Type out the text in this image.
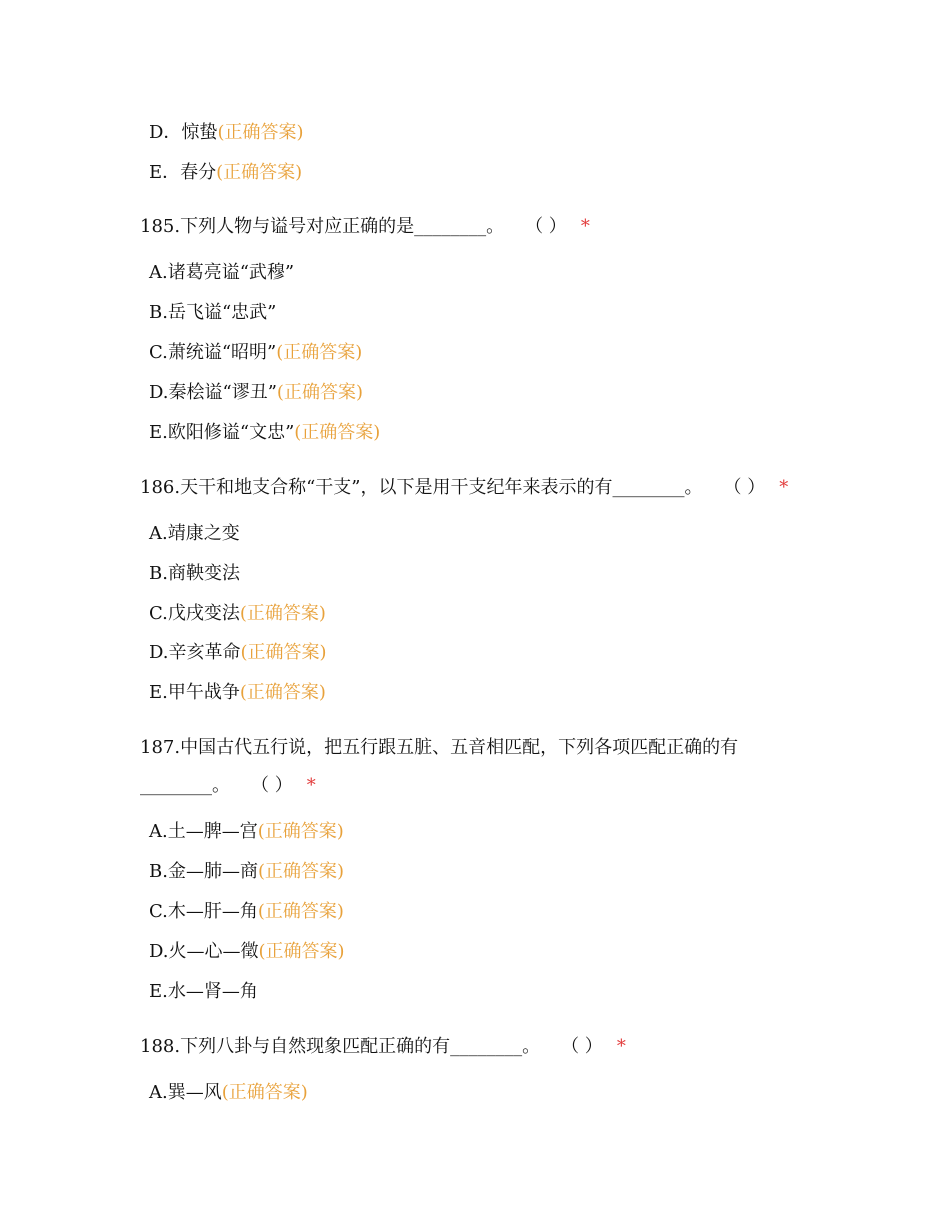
D．惊蛰(正确答案)
E．春分(正确答案)
185.下列人物与谥号对应正确的是________。 （ ） *
A.诸葛亮谥“武穆”
B.岳飞谥“忠武”
C.萧统谥“昭明”(正确答案)
D.秦桧谥“谬丑”(正确答案)
E.欧阳修谥“文忠”(正确答案)
186.天干和地支合称“干支”，以下是用干支纪年来表示的有________。 （ ） *
A.靖康之变
B.商鞅变法
C.戊戌变法(正确答案)
D.辛亥革命(正确答案)
E.甲午战争(正确答案)
187.中国古代五行说，把五行跟五脏、五音相匹配，下列各项匹配正确的有
________。 （ ） *
A.土—脾—宫(正确答案)
B.金—肺—商(正确答案)
C.木—肝—角(正确答案)
D.火—心—徵(正确答案)
E.水—肾—角
188.下列八卦与自然现象匹配正确的有________。 （ ） *
A.巽—风(正确答案)
